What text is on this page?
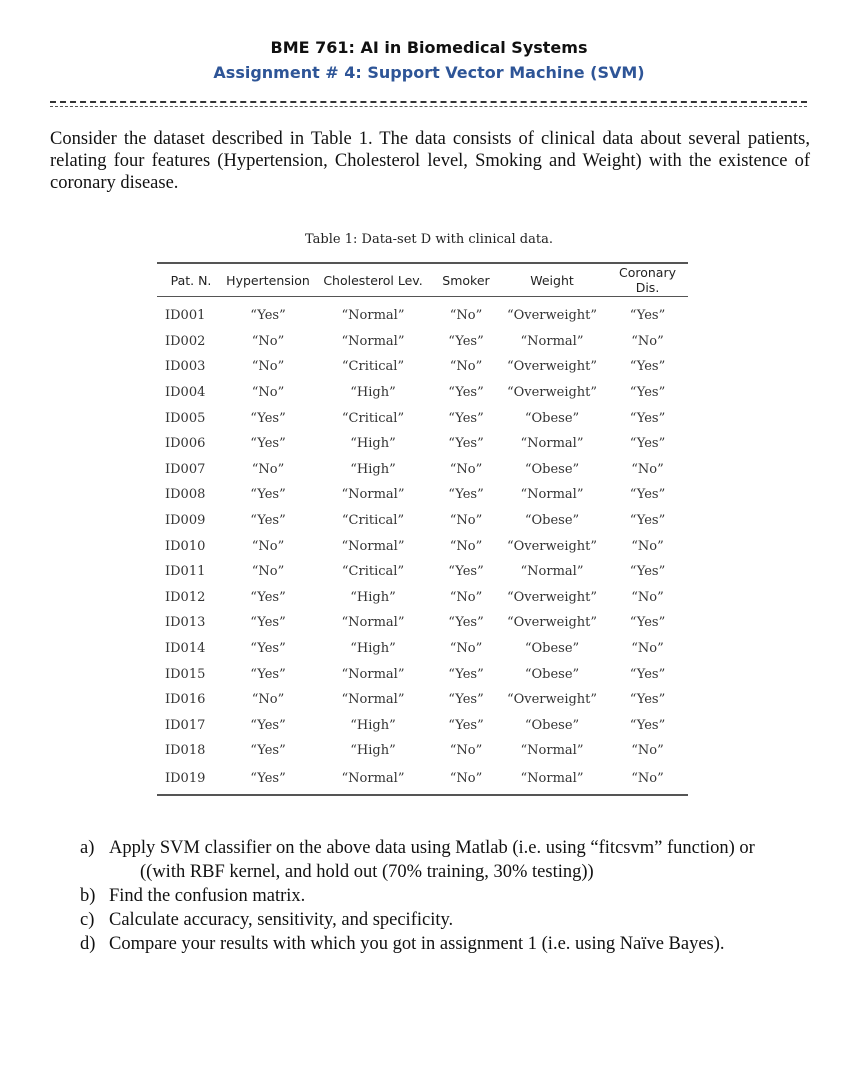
BME 761: AI in Biomedical Systems
Assignment # 4: Support Vector Machine (SVM)

Consider the dataset described in Table 1. The data consists of clinical data about several patients, relating four features (Hypertension, Cholesterol level, Smoking and Weight) with the existence of coronary disease.

Table 1: Data-set D with clinical data.
Pat. N.	Hypertension	Cholesterol Lev.	Smoker	Weight	Coronary Dis.
ID001	“Yes”	“Normal”	“No”	“Overweight”	“Yes”
ID002	“No”	“Normal”	“Yes”	“Normal”	“No”
ID003	“No”	“Critical”	“No”	“Overweight”	“Yes”
ID004	“No”	“High”	“Yes”	“Overweight”	“Yes”
ID005	“Yes”	“Critical”	“Yes”	“Obese”	“Yes”
ID006	“Yes”	“High”	“Yes”	“Normal”	“Yes”
ID007	“No”	“High”	“No”	“Obese”	“No”
ID008	“Yes”	“Normal”	“Yes”	“Normal”	“Yes”
ID009	“Yes”	“Critical”	“No”	“Obese”	“Yes”
ID010	“No”	“Normal”	“No”	“Overweight”	“No”
ID011	“No”	“Critical”	“Yes”	“Normal”	“Yes”
ID012	“Yes”	“High”	“No”	“Overweight”	“No”
ID013	“Yes”	“Normal”	“Yes”	“Overweight”	“Yes”
ID014	“Yes”	“High”	“No”	“Obese”	“No”
ID015	“Yes”	“Normal”	“Yes”	“Obese”	“Yes”
ID016	“No”	“Normal”	“Yes”	“Overweight”	“Yes”
ID017	“Yes”	“High”	“Yes”	“Obese”	“Yes”
ID018	“Yes”	“High”	“No”	“Normal”	“No”
ID019	“Yes”	“Normal”	“No”	“Normal”	“No”
a) Apply SVM classifier on the above data using Matlab (i.e. using “fitcsvm” function) or
((with RBF kernel, and hold out (70% training, 30% testing))
b) Find the confusion matrix.
c) Calculate accuracy, sensitivity, and specificity.
d) Compare your results with which you got in assignment 1 (i.e. using Naïve Bayes).
